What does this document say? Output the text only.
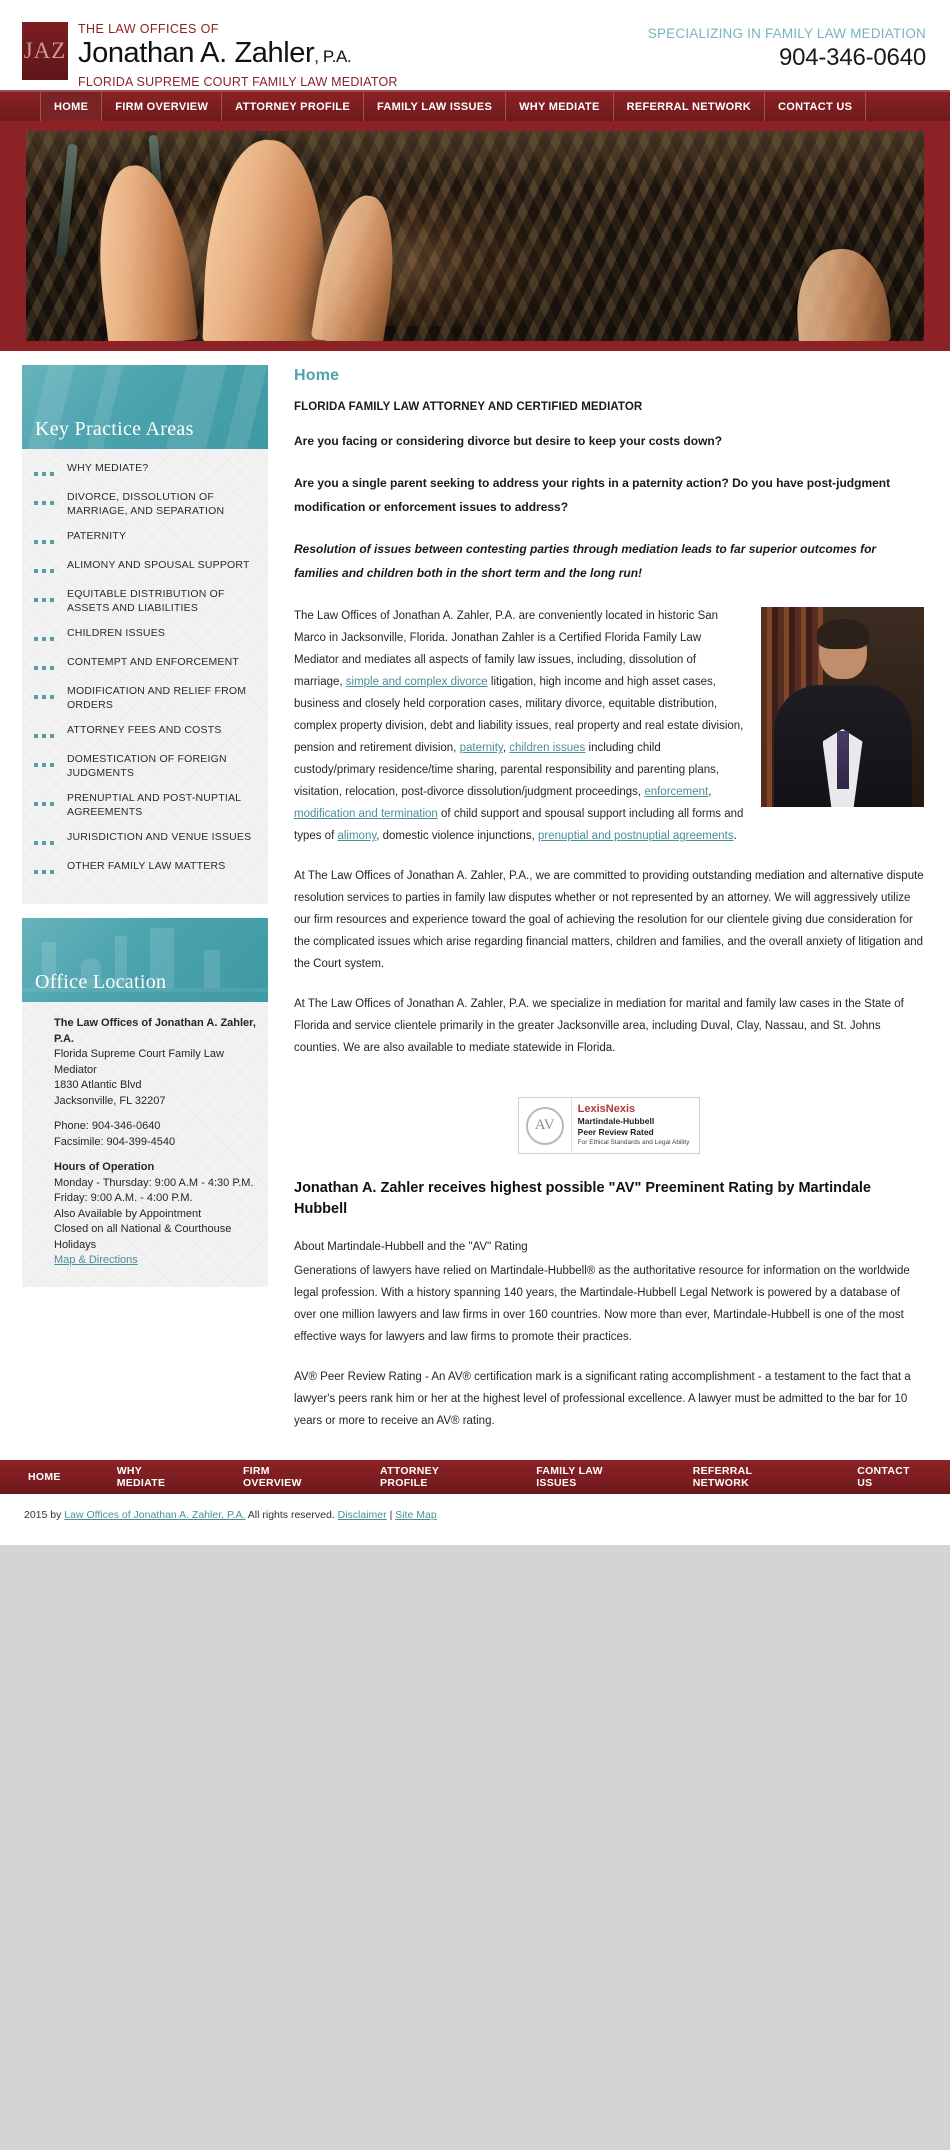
JAZ
THE LAW OFFICES OF
Jonathan A. Zahler, P.A.
FLORIDA SUPREME COURT FAMILY LAW MEDIATOR
SPECIALIZING IN FAMILY LAW MEDIATION
904-346-0640
HOME	FIRM OVERVIEW	ATTORNEY PROFILE	FAMILY LAW ISSUES	WHY MEDIATE	REFERRAL NETWORK	CONTACT US
Key Practice Areas
WHY MEDIATE?
DIVORCE, DISSOLUTION OF MARRIAGE, AND SEPARATION
PATERNITY
ALIMONY AND SPOUSAL SUPPORT
EQUITABLE DISTRIBUTION OF ASSETS AND LIABILITIES
CHILDREN ISSUES
CONTEMPT AND ENFORCEMENT
MODIFICATION AND RELIEF FROM ORDERS
ATTORNEY FEES AND COSTS
DOMESTICATION OF FOREIGN JUDGMENTS
PRENUPTIAL AND POST-NUPTIAL AGREEMENTS
JURISDICTION AND VENUE ISSUES
OTHER FAMILY LAW MATTERS
Office Location
The Law Offices of Jonathan A. Zahler, P.A.
Florida Supreme Court Family Law Mediator
1830 Atlantic Blvd
Jacksonville, FL 32207
Phone: 904-346-0640
Facsimile: 904-399-4540
Hours of Operation
Monday - Thursday: 9:00 A.M - 4:30 P.M.
Friday: 9:00 A.M. - 4:00 P.M.
Also Available by Appointment
Closed on all National & Courthouse Holidays
Map & Directions
Home
FLORIDA FAMILY LAW ATTORNEY AND CERTIFIED MEDIATOR
Are you facing or considering divorce but desire to keep your costs down?
Are you a single parent seeking to address your rights in a paternity action? Do you have post-judgment modification or enforcement issues to address?
Resolution of issues between contesting parties through mediation leads to far superior outcomes for families and children both in the short term and the long run!

The Law Offices of Jonathan A. Zahler, P.A. are conveniently located in historic San Marco in Jacksonville, Florida. Jonathan Zahler is a Certified Florida Family Law Mediator and mediates all aspects of family law issues, including, dissolution of marriage, simple and complex divorce litigation, high income and high asset cases, business and closely held corporation cases, military divorce, equitable distribution, complex property division, debt and liability issues, real property and real estate division, pension and retirement division, paternity, children issues including child custody/primary residence/time sharing, parental responsibility and parenting plans, visitation, relocation, post-divorce dissolution/judgment proceedings, enforcement, modification and termination of child support and spousal support including all forms and types of alimony, domestic violence injunctions, prenuptial and postnuptial agreements.

At The Law Offices of Jonathan A. Zahler, P.A., we are committed to providing outstanding mediation and alternative dispute resolution services to parties in family law disputes whether or not represented by an attorney. We will aggressively utilize our firm resources and experience toward the goal of achieving the resolution for our clientele giving due consideration for the complicated issues which arise regarding financial matters, children and families, and the overall anxiety of litigation and the Court system.

At The Law Offices of Jonathan A. Zahler, P.A. we specialize in mediation for marital and family law cases in the State of Florida and service clientele primarily in the greater Jacksonville area, including Duval, Clay, Nassau, and St. Johns counties. We are also available to mediate statewide in Florida.

AV
LexisNexis
Martindale-Hubbell
Peer Review Rated
For Ethical Standards and Legal Ability
Jonathan A. Zahler receives highest possible "AV" Preeminent Rating by Martindale Hubbell

About Martindale-Hubbell and the "AV" Rating

Generations of lawyers have relied on Martindale-Hubbell® as the authoritative resource for information on the worldwide legal profession. With a history spanning 140 years, the Martindale-Hubbell Legal Network is powered by a database of over one million lawyers and law firms in over 160 countries. Now more than ever, Martindale-Hubbell is one of the most effective ways for lawyers and law firms to promote their practices.

AV® Peer Review Rating - An AV® certification mark is a significant rating accomplishment - a testament to the fact that a lawyer's peers rank him or her at the highest level of professional excellence. A lawyer must be admitted to the bar for 10 years or more to receive an AV® rating.

HOME	WHY MEDIATE
FIRM OVERVIEW
ATTORNEY PROFILE
FAMILY LAW ISSUES
REFERRAL NETWORK
CONTACT US
2015 by Law Offices of Jonathan A. Zahler, P.A. All rights reserved. Disclaimer | Site Map
